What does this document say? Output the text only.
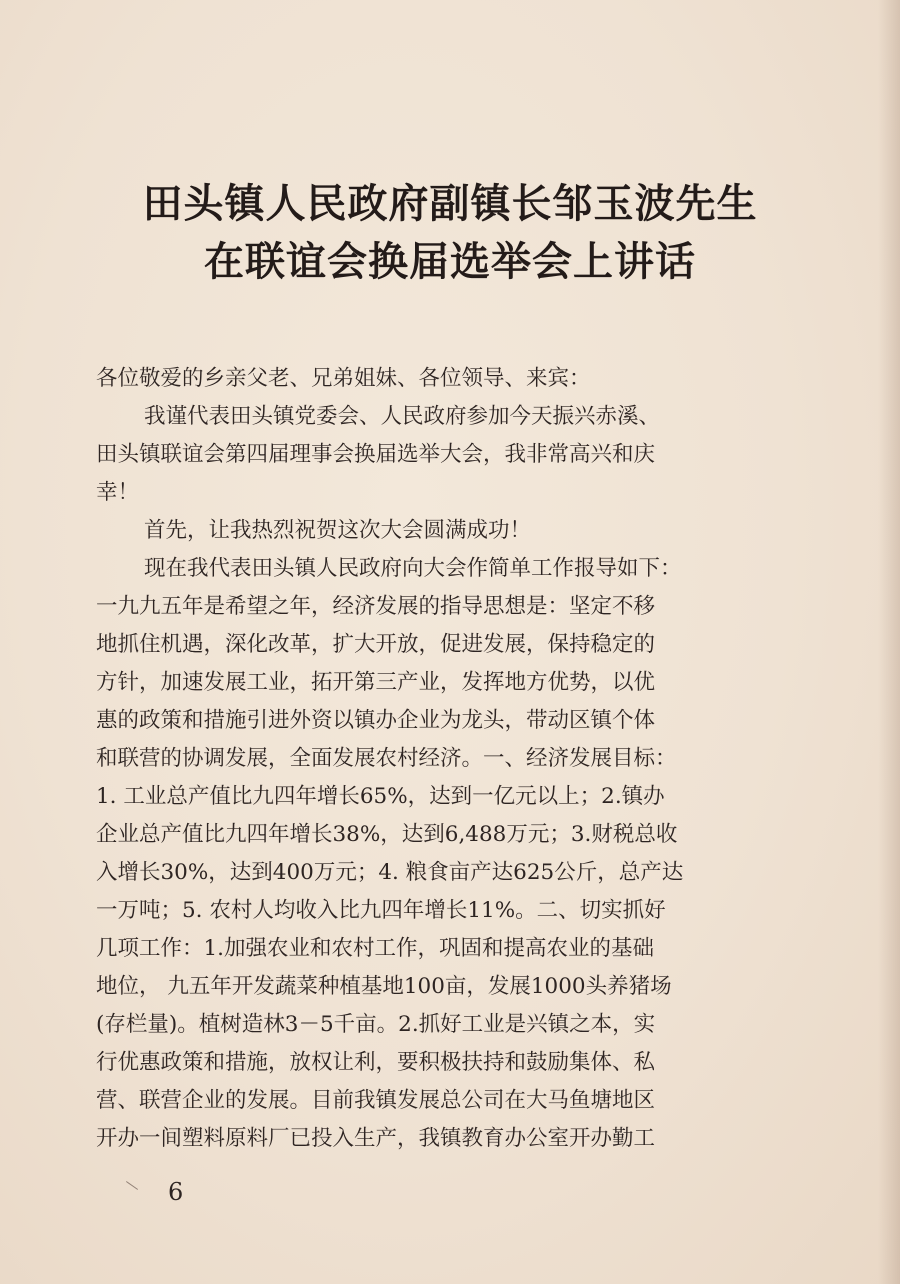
田头镇人民政府副镇长邹玉波先生
在联谊会换届选举会上讲话
各位敬爱的乡亲父老、兄弟姐妹、各位领导、来宾：
我谨代表田头镇党委会、人民政府参加今天振兴赤溪、
田头镇联谊会第四届理事会换届选举大会，我非常高兴和庆
幸！
首先，让我热烈祝贺这次大会圆满成功！
现在我代表田头镇人民政府向大会作简单工作报导如下：
一九九五年是希望之年，经济发展的指导思想是：坚定不移
地抓住机遇，深化改革，扩大开放，促进发展，保持稳定的
方针，加速发展工业，拓开第三产业，发挥地方优势，以优
惠的政策和措施引进外资以镇办企业为龙头，带动区镇个体
和联营的协调发展，全面发展农村经济。一、经济发展目标：
1. 工业总产值比九四年增长65%，达到一亿元以上；2.镇办
企业总产值比九四年增长38%，达到6,488万元；3.财税总收
入增长30%，达到400万元；4. 粮食亩产达625公斤，总产达
一万吨；5. 农村人均收入比九四年增长11%。二、切实抓好
几项工作：1.加强农业和农村工作，巩固和提高农业的基础
地位， 九五年开发蔬菜种植基地100亩，发展1000头养猪场
(存栏量)。植树造林3－5千亩。2.抓好工业是兴镇之本，实
行优惠政策和措施，放权让利，要积极扶持和鼓励集体、私
营、联营企业的发展。目前我镇发展总公司在大马鱼塘地区
开办一间塑料原料厂已投入生产，我镇教育办公室开办勤工
6
